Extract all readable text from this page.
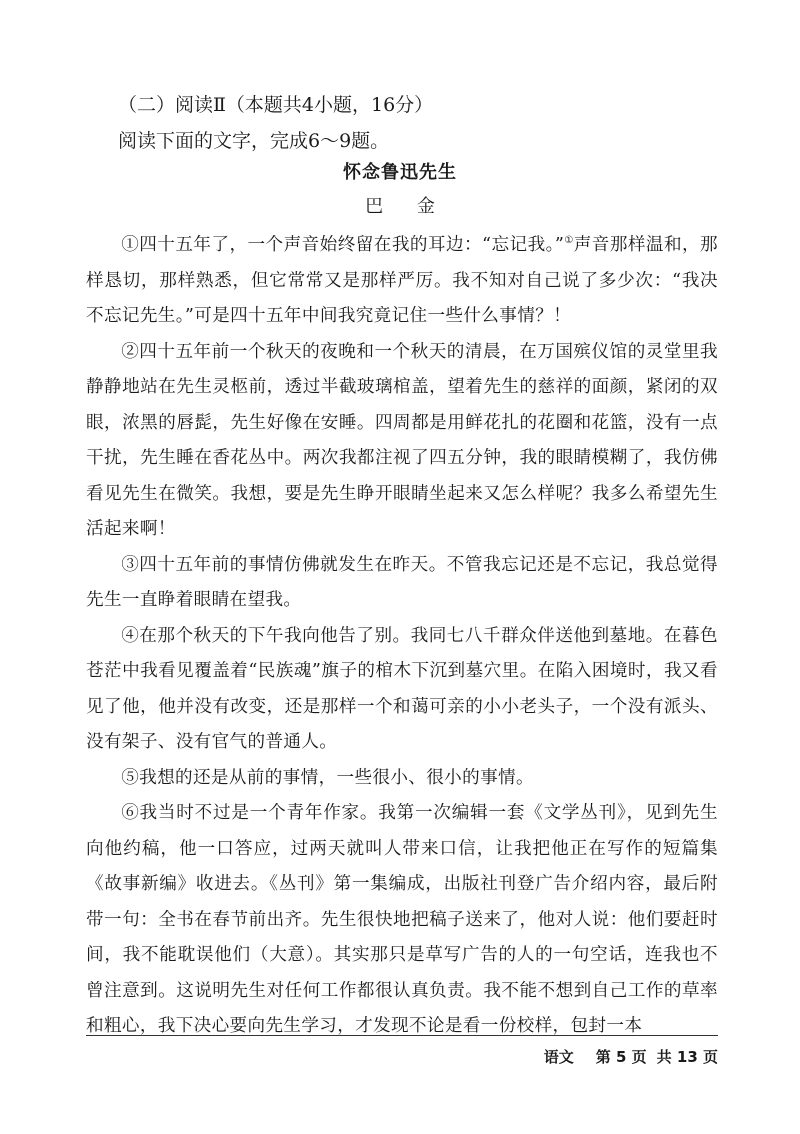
（二）阅读Ⅱ（本题共4小题，16分）
阅读下面的文字，完成6～9题。
怀念鲁迅先生
巴 金

①四十五年了，一个声音始终留在我的耳边：“忘记我。”①声音那样温和，那样恳切，那样熟悉，但它常常又是那样严厉。我不知对自己说了多少次：“我决不忘记先生。”可是四十五年中间我究竟记住一些什么事情？！

②四十五年前一个秋天的夜晚和一个秋天的清晨，在万国殡仪馆的灵堂里我静静地站在先生灵柩前，透过半截玻璃棺盖，望着先生的慈祥的面颜，紧闭的双眼，浓黑的唇髭，先生好像在安睡。四周都是用鲜花扎的花圈和花篮，没有一点干扰，先生睡在香花丛中。两次我都注视了四五分钟，我的眼睛模糊了，我仿佛看见先生在微笑。我想，要是先生睁开眼睛坐起来又怎么样呢？我多么希望先生活起来啊！

③四十五年前的事情仿佛就发生在昨天。不管我忘记还是不忘记，我总觉得先生一直睁着眼睛在望我。

④在那个秋天的下午我向他告了别。我同七八千群众伴送他到墓地。在暮色苍茫中我看见覆盖着“民族魂”旗子的棺木下沉到墓穴里。在陷入困境时，我又看见了他，他并没有改变，还是那样一个和蔼可亲的小小老头子，一个没有派头、没有架子、没有官气的普通人。

⑤我想的还是从前的事情，一些很小、很小的事情。

⑥我当时不过是一个青年作家。我第一次编辑一套《文学丛刊》，见到先生向他约稿，他一口答应，过两天就叫人带来口信，让我把他正在写作的短篇集《故事新编》收进去。《丛刊》第一集编成，出版社刊登广告介绍内容，最后附带一句：全书在春节前出齐。先生很快地把稿子送来了，他对人说：他们要赶时间，我不能耽误他们（大意）。其实那只是草写广告的人的一句空话，连我也不曾注意到。这说明先生对任何工作都很认真负责。我不能不想到自己工作的草率和粗心，我下决心要向先生学习，才发现不论是看一份校样，包封一本

语文 第 5 页 共 13 页
